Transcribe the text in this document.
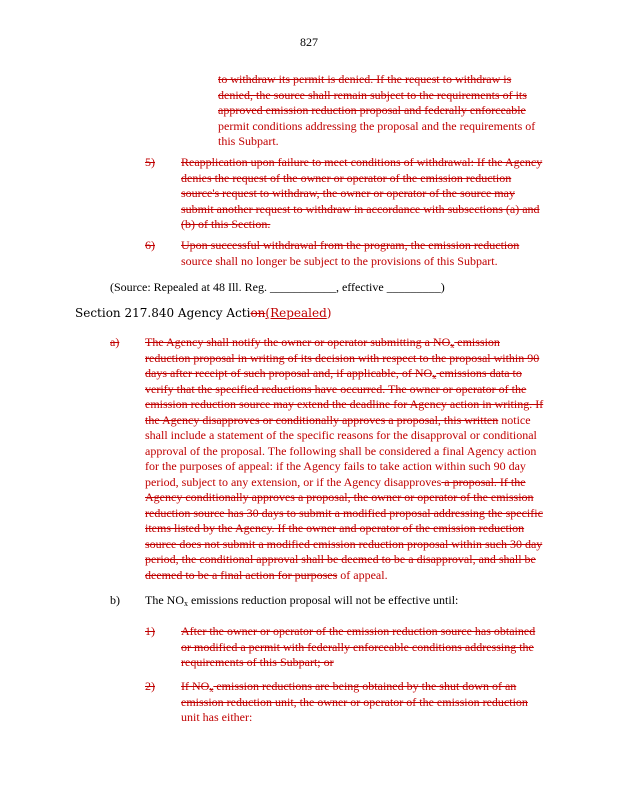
827
to withdraw its permit is denied. If the request to withdraw is denied, the source shall remain subject to the requirements of its approved emission reduction proposal and federally enforceable permit conditions addressing the proposal and the requirements of this Subpart.
5)	Reapplication upon failure to meet conditions of withdrawal: If the Agency denies the request of the owner or operator of the emission reduction source's request to withdraw, the owner or operator of the source may submit another request to withdraw in accordance with subsections (a) and (b) of this Section.
6)	Upon successful withdrawal from the program, the emission reduction source shall no longer be subject to the provisions of this Subpart.
(Source: Repealed at 48 Ill. Reg. ___________, effective _________)
Section 217.840 Agency Action(Repealed)
a)	The Agency shall notify the owner or operator submitting a $NO_x$ emission reduction proposal in writing of its decision with respect to the proposal within 90 days after receipt of such proposal and, if applicable, of $NO_x$ emissions data to verify that the specified reductions have occurred. The owner or operator of the emission reduction source may extend the deadline for Agency action in writing. If the Agency disapproves or conditionally approves a proposal, this written notice shall include a statement of the specific reasons for the disapproval or conditional approval of the proposal. The following shall be considered a final Agency action for the purposes of appeal: if the Agency fails to take action within such 90 day period, subject to any extension, or if the Agency disapproves a proposal. If the Agency conditionally approves a proposal, the owner or operator of the emission reduction source has 30 days to submit a modified proposal addressing the specific items listed by the Agency. If the owner and operator of the emission reduction source does not submit a modified emission reduction proposal within such 30 day period, the conditional approval shall be deemed to be a disapproval, and shall be deemed to be a final action for purposes of appeal.
b)	The $NO_x$ emissions reduction proposal will not be effective until:
1)	After the owner or operator of the emission reduction source has obtained or modified a permit with federally enforceable conditions addressing the requirements of this Subpart; or
2)	If $NO_x$ emission reductions are being obtained by the shut down of an emission reduction unit, the owner or operator of the emission reduction unit has either:
